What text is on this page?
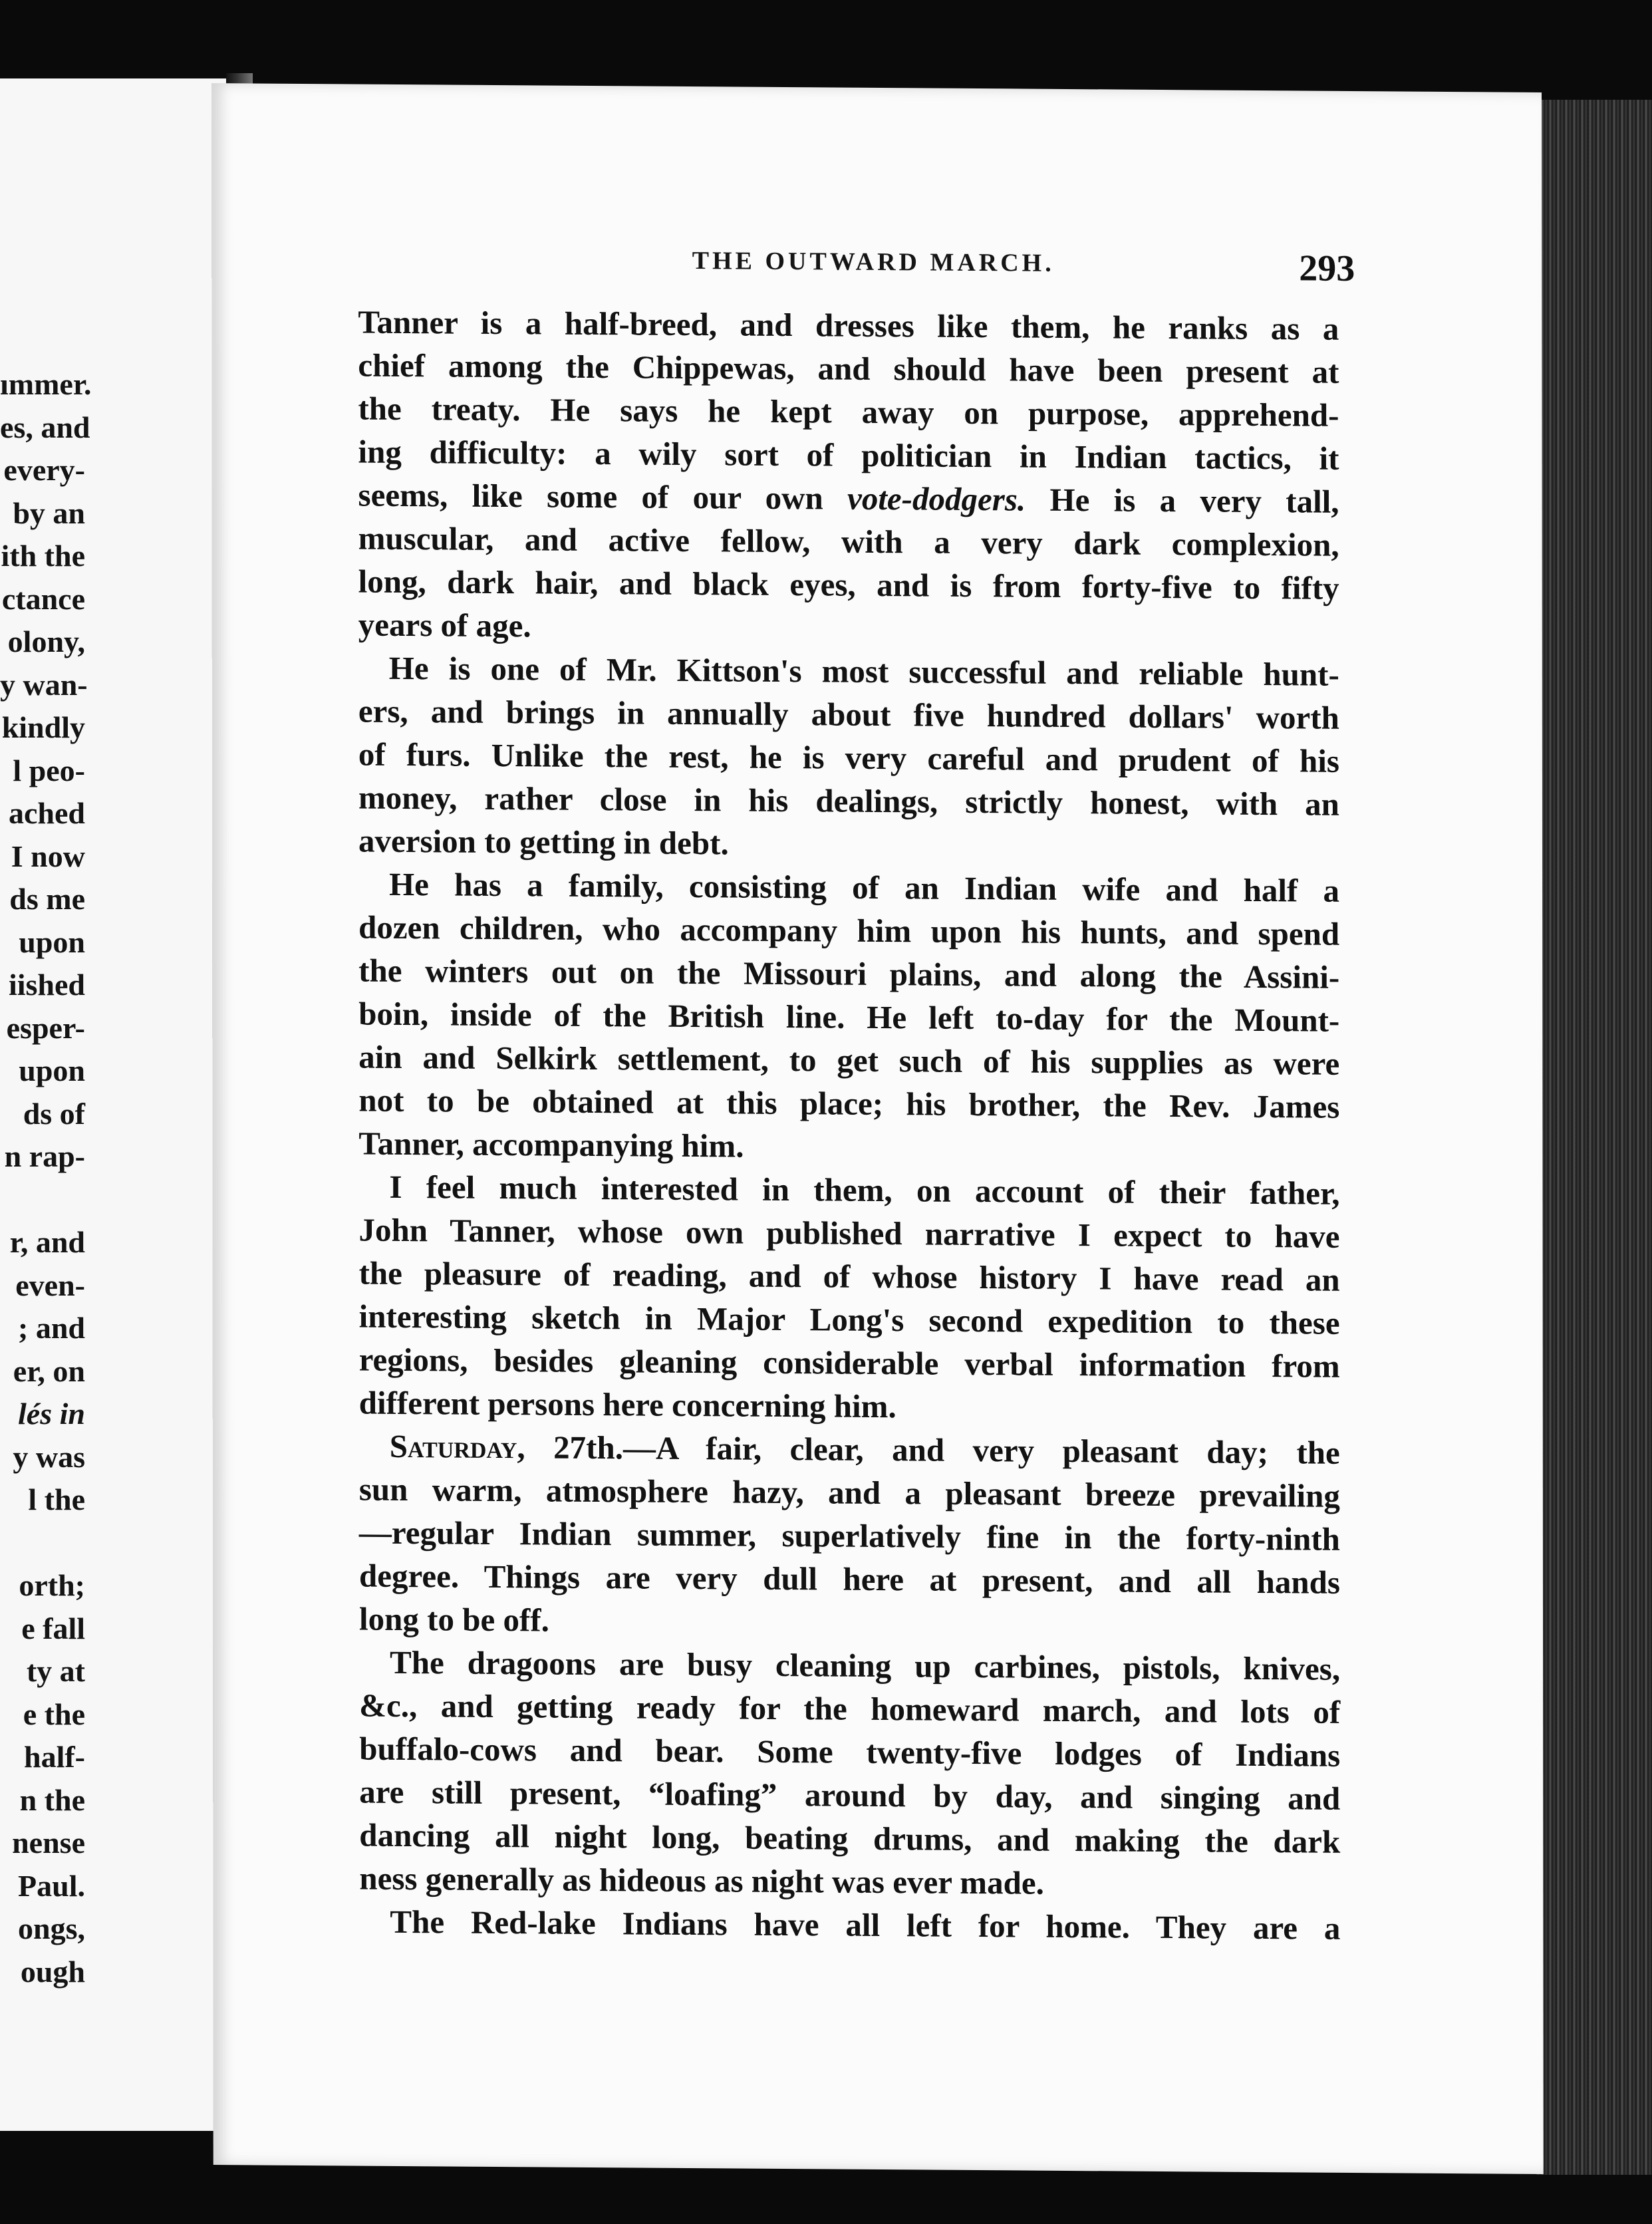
ımmer.
es, and
every-
by an
ith the
ctance
olony,
y wan-
kindly
l peo-
ached
I now
ds me
upon
iished
esper-
upon
ds of
n rap-
r, and
even-
; and
er, on
lés in
y was
l the
orth;
e fall
ty at
e the
half-
n the
nense
Paul.
ongs,
ough
THE OUTWARD MARCH.	293
Tanner is a half-breed, and dresses like them, he ranks as a
chief among the Chippewas, and should have been present at
the treaty. He says he kept away on purpose, apprehend-
ing difficulty: a wily sort of politician in Indian tactics, it
seems, like some of our own vote-dodgers. He is a very tall,
muscular, and active fellow, with a very dark complexion,
long, dark hair, and black eyes, and is from forty-five to fifty
years of age.
He is one of Mr. Kittson's most successful and reliable hunt-
ers, and brings in annually about five hundred dollars' worth
of furs. Unlike the rest, he is very careful and prudent of his
money, rather close in his dealings, strictly honest, with an
aversion to getting in debt.
He has a family, consisting of an Indian wife and half a
dozen children, who accompany him upon his hunts, and spend
the winters out on the Missouri plains, and along the Assini-
boin, inside of the British line. He left to-day for the Mount-
ain and Selkirk settlement, to get such of his supplies as were
not to be obtained at this place; his brother, the Rev. James
Tanner, accompanying him.
I feel much interested in them, on account of their father,
John Tanner, whose own published narrative I expect to have
the pleasure of reading, and of whose history I have read an
interesting sketch in Major Long's second expedition to these
regions, besides gleaning considerable verbal information from
different persons here concerning him.
Saturday, 27th.—A fair, clear, and very pleasant day; the
sun warm, atmosphere hazy, and a pleasant breeze prevailing
—regular Indian summer, superlatively fine in the forty-ninth
degree. Things are very dull here at present, and all hands
long to be off.
The dragoons are busy cleaning up carbines, pistols, knives,
&c., and getting ready for the homeward march, and lots of
buffalo-cows and bear. Some twenty-five lodges of Indians
are still present, “loafing” around by day, and singing and
dancing all night long, beating drums, and making the dark
ness generally as hideous as night was ever made.
The Red-lake Indians have all left for home. They are a
